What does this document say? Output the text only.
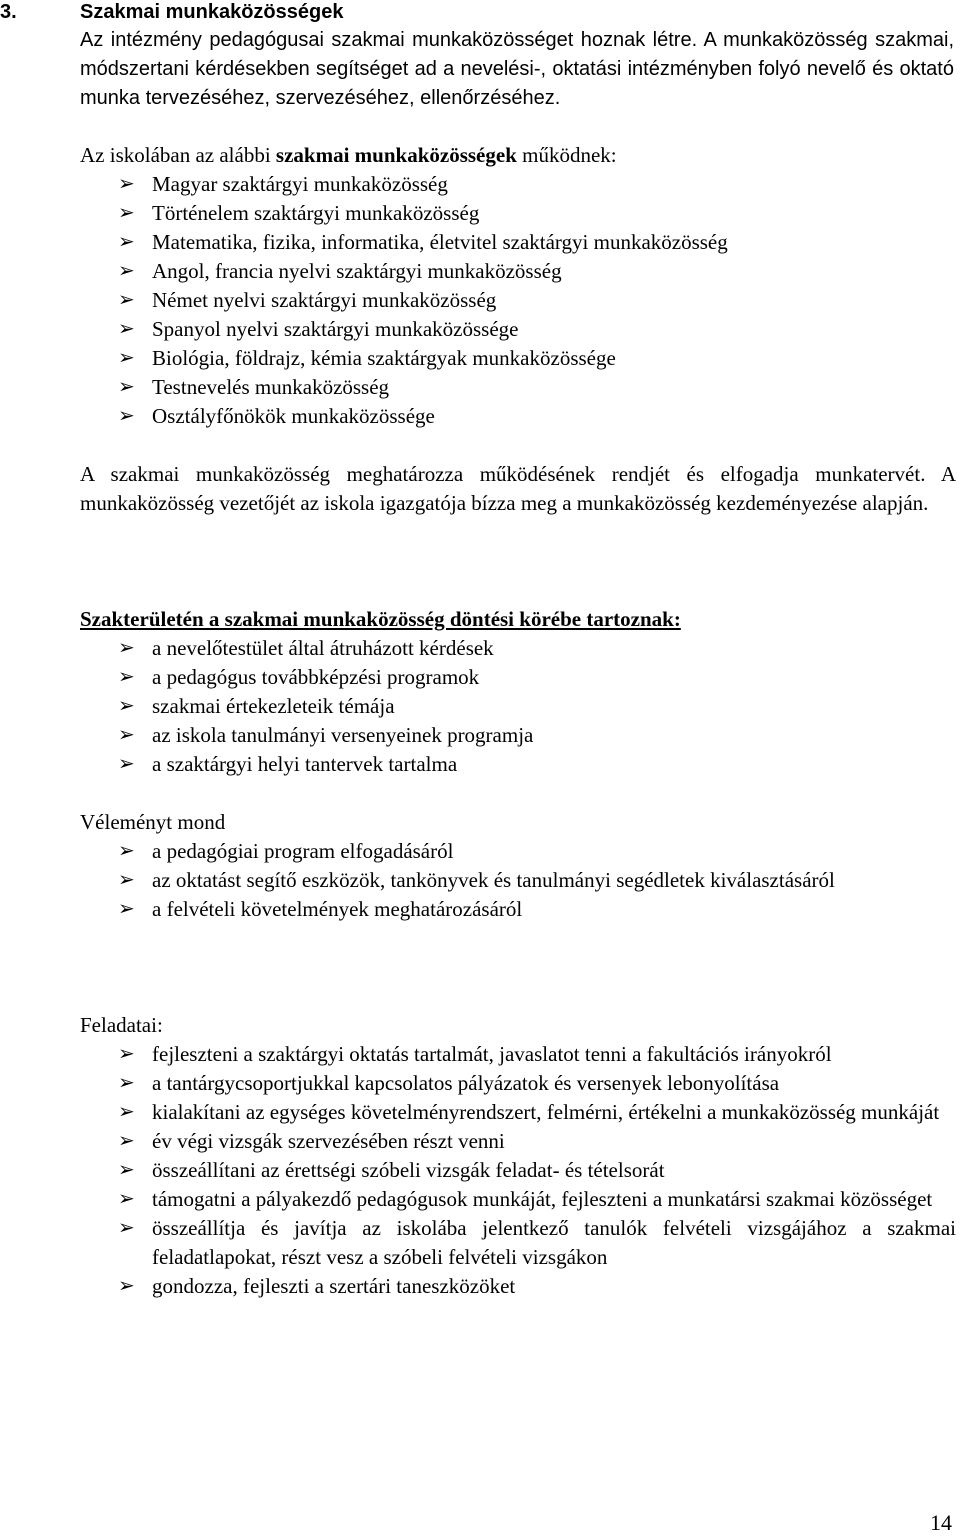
3.	Szakmai munkaközösségek

Az intézmény pedagógusai szakmai munkaközösséget hoznak létre. A munkaközösség szakmai, módszertani kérdésekben segítséget ad a nevelési-, oktatási intézményben folyó nevelő és oktató munka tervezéséhez, szervezéséhez, ellenőrzéséhez.

Az iskolában az alábbi szakmai munkaközösségek működnek:

➢ Magyar szaktárgyi munkaközösség
➢ Történelem szaktárgyi munkaközösség
➢ Matematika, fizika, informatika, életvitel szaktárgyi munkaközösség
➢ Angol, francia nyelvi szaktárgyi munkaközösség
➢ Német nyelvi szaktárgyi munkaközösség
➢ Spanyol nyelvi szaktárgyi munkaközössége
➢ Biológia, földrajz, kémia szaktárgyak munkaközössége
➢ Testnevelés munkaközösség
➢ Osztályfőnökök munkaközössége

A szakmai munkaközösség meghatározza működésének rendjét és elfogadja munkatervét. A munkaközösség vezetőjét az iskola igazgatója bízza meg a munkaközösség kezdeményezése alapján.

Szakterületén a szakmai munkaközösség döntési körébe tartoznak:

➢ a nevelőtestület által átruházott kérdések
➢ a pedagógus továbbképzési programok
➢ szakmai értekezleteik témája
➢ az iskola tanulmányi versenyeinek programja
➢ a szaktárgyi helyi tantervek tartalma

Véleményt mond

➢ a pedagógiai program elfogadásáról
➢ az oktatást segítő eszközök, tankönyvek és tanulmányi segédletek kiválasztásáról
➢ a felvételi követelmények meghatározásáról

Feladatai:

➢ fejleszteni a szaktárgyi oktatás tartalmát, javaslatot tenni a fakultációs irányokról
➢ a tantárgycsoportjukkal kapcsolatos pályázatok és versenyek lebonyolítása
➢ kialakítani az egységes követelményrendszert, felmérni, értékelni a munkaközösség munkáját
➢ év végi vizsgák szervezésében részt venni
➢ összeállítani az érettségi szóbeli vizsgák feladat- és tételsorát
➢ támogatni a pályakezdő pedagógusok munkáját, fejleszteni a munkatársi szakmai közösséget
➢ összeállítja és javítja az iskolába jelentkező tanulók felvételi vizsgájához a szakmai feladatlapokat, részt vesz a szóbeli felvételi vizsgákon
➢ gondozza, fejleszti a szertári taneszközöket
14
